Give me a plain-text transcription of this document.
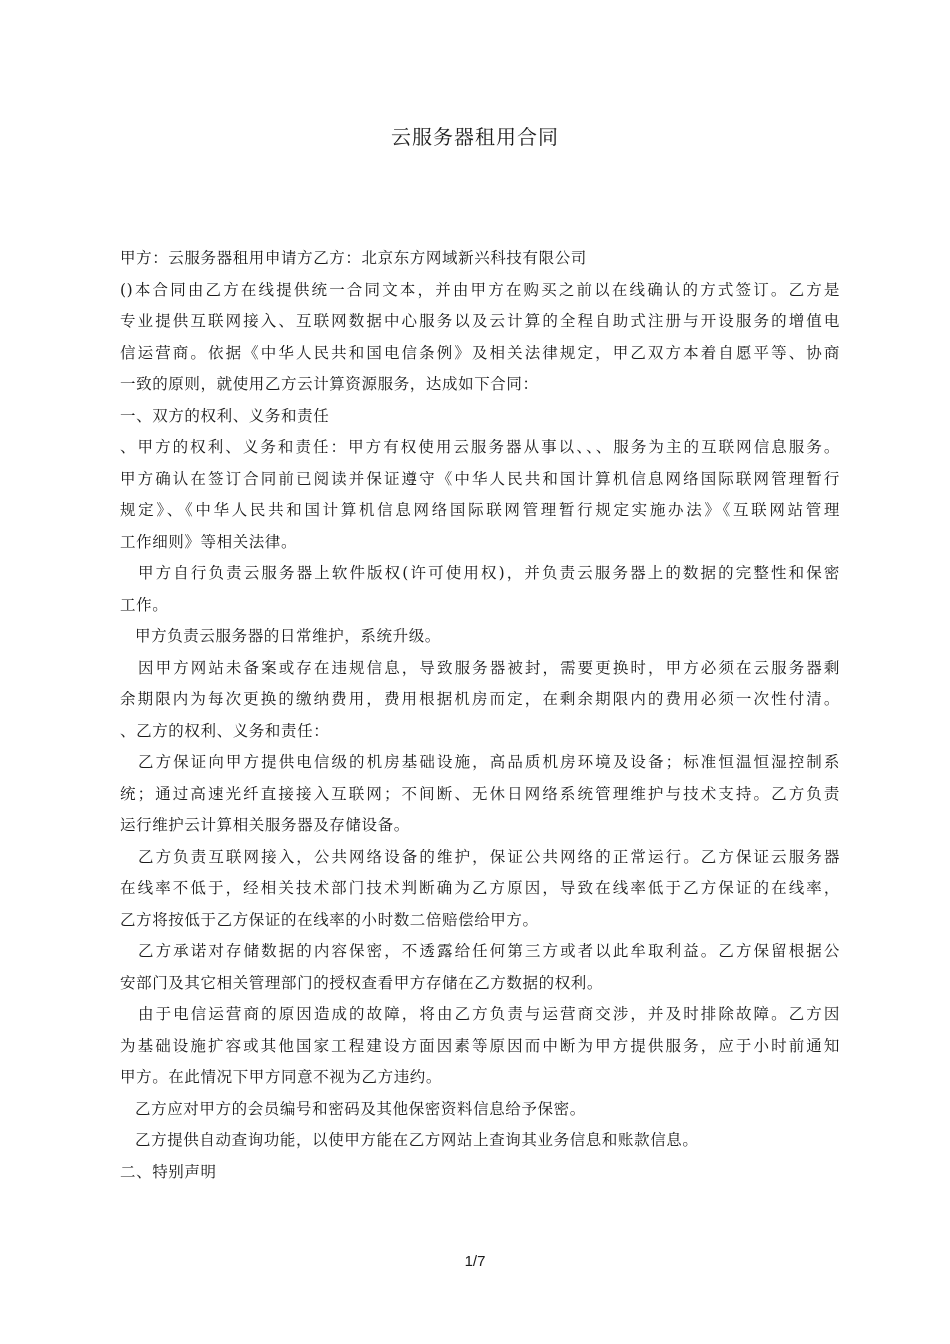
云服务器租用合同
甲方：云服务器租用申请方乙方：北京东方网域新兴科技有限公司
()本合同由乙方在线提供统一合同文本，并由甲方在购买之前以在线确认的方式签订。乙方是
专业提供互联网接入、互联网数据中心服务以及云计算的全程自助式注册与开设服务的增值电
信运营商。依据《中华人民共和国电信条例》及相关法律规定，甲乙双方本着自愿平等、协商
一致的原则，就使用乙方云计算资源服务，达成如下合同：
一、双方的权利、义务和责任
、甲方的权利、义务和责任：甲方有权使用云服务器从事以、、、服务为主的互联网信息服务。
甲方确认在签订合同前已阅读并保证遵守《中华人民共和国计算机信息网络国际联网管理暂行
规定》、《中华人民共和国计算机信息网络国际联网管理暂行规定实施办法》《互联网站管理
工作细则》等相关法律。
甲方自行负责云服务器上软件版权(许可使用权)，并负责云服务器上的数据的完整性和保密
工作。
甲方负责云服务器的日常维护，系统升级。
因甲方网站未备案或存在违规信息，导致服务器被封，需要更换时，甲方必须在云服务器剩
余期限内为每次更换的缴纳费用，费用根据机房而定，在剩余期限内的费用必须一次性付清。
、乙方的权利、义务和责任：
乙方保证向甲方提供电信级的机房基础设施，高品质机房环境及设备；标准恒温恒湿控制系
统；通过高速光纤直接接入互联网；不间断、无休日网络系统管理维护与技术支持。乙方负责
运行维护云计算相关服务器及存储设备。
乙方负责互联网接入，公共网络设备的维护，保证公共网络的正常运行。乙方保证云服务器
在线率不低于，经相关技术部门技术判断确为乙方原因，导致在线率低于乙方保证的在线率，
乙方将按低于乙方保证的在线率的小时数二倍赔偿给甲方。
乙方承诺对存储数据的内容保密，不透露给任何第三方或者以此牟取利益。乙方保留根据公
安部门及其它相关管理部门的授权查看甲方存储在乙方数据的权利。
由于电信运营商的原因造成的故障，将由乙方负责与运营商交涉，并及时排除故障。乙方因
为基础设施扩容或其他国家工程建设方面因素等原因而中断为甲方提供服务，应于小时前通知
甲方。在此情况下甲方同意不视为乙方违约。
乙方应对甲方的会员编号和密码及其他保密资料信息给予保密。
乙方提供自动查询功能，以使甲方能在乙方网站上查询其业务信息和账款信息。
二、特别声明
1/7
